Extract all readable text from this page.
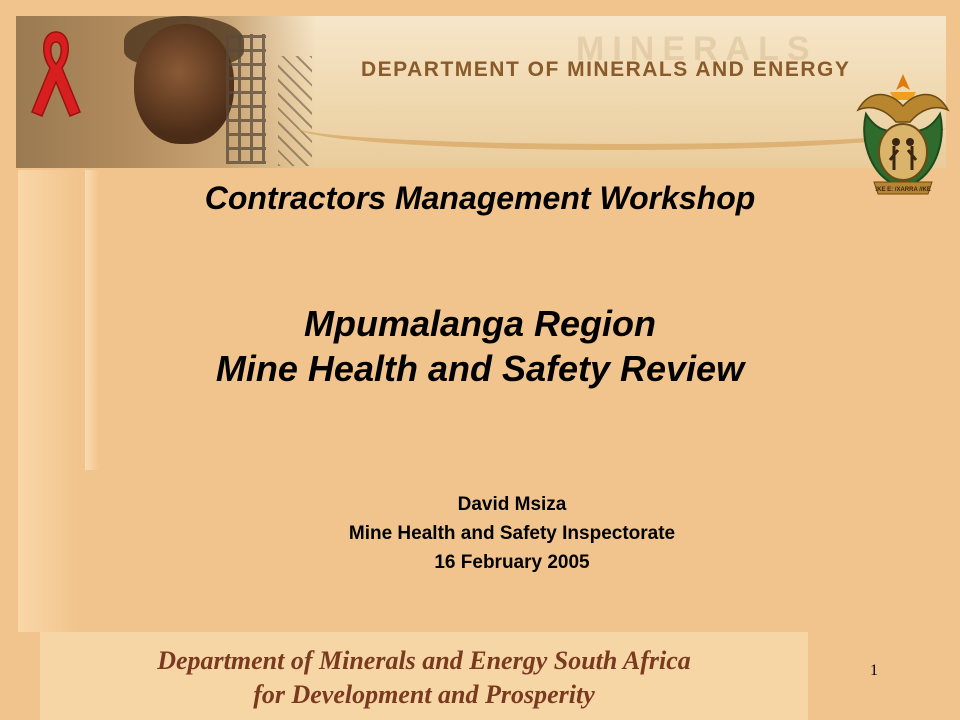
MINERALS
DEPARTMENT OF MINERALS AND ENERGY
!KE E: /XARRA //KE
Contractors Management Workshop
Mpumalanga Region
Mine Health and Safety Review
David Msiza
Mine Health and Safety Inspectorate
16 February 2005
Department of Minerals and Energy South Africa
for Development and Prosperity
1
